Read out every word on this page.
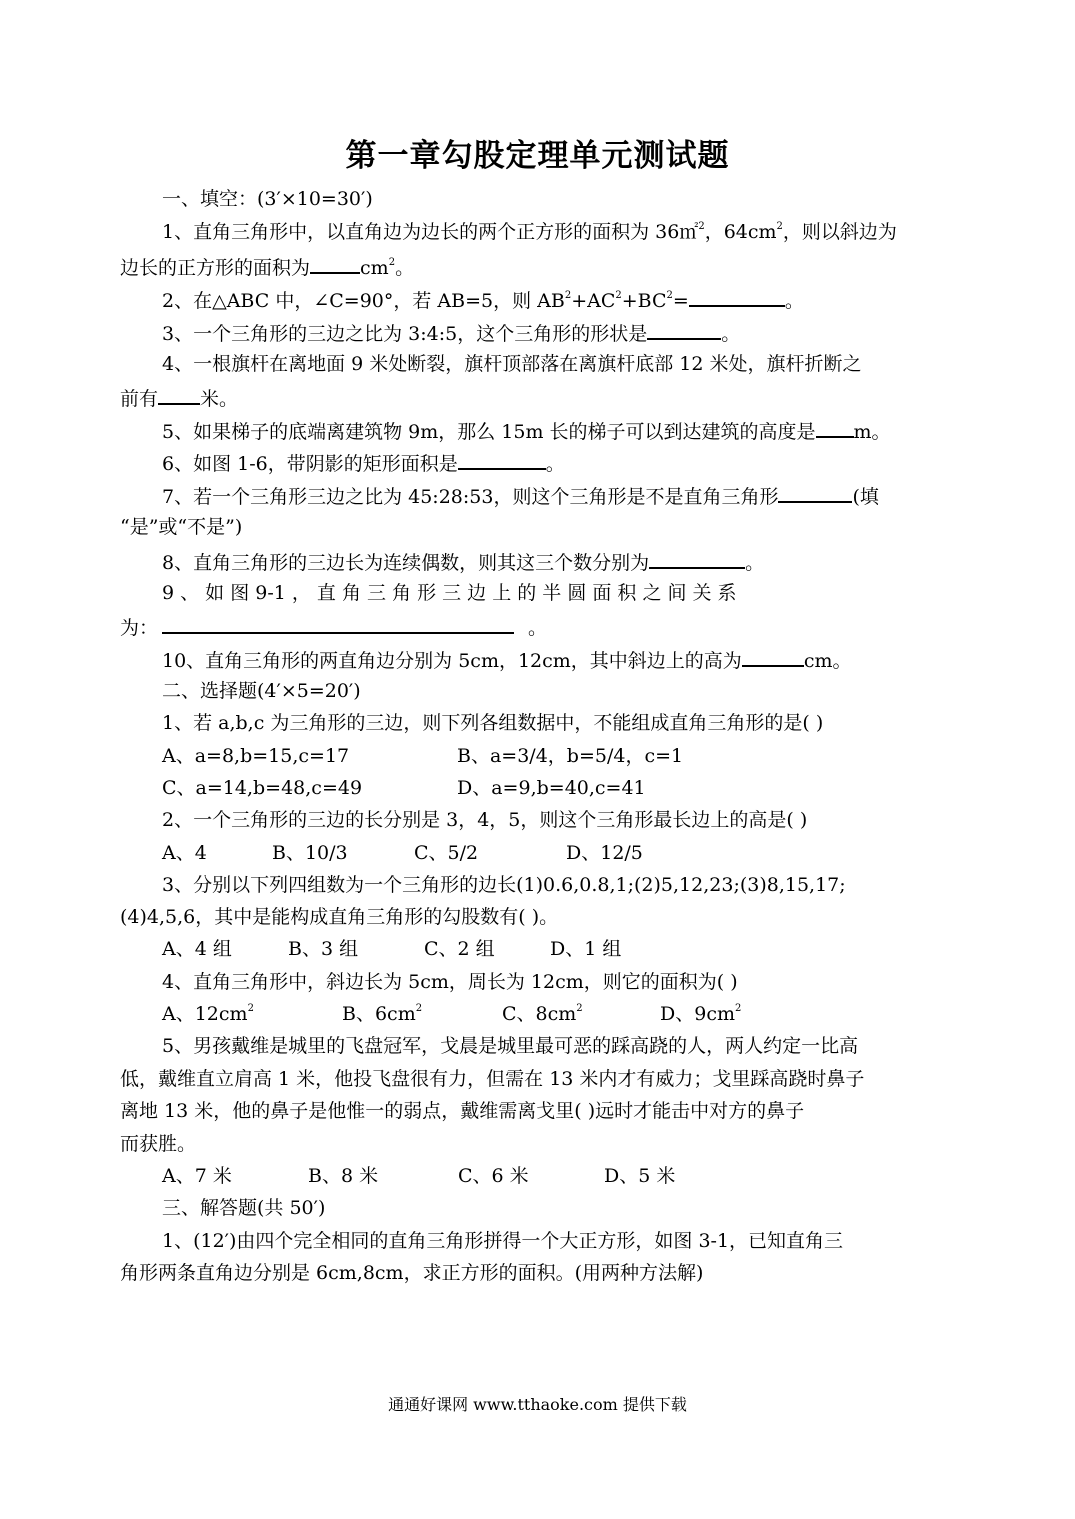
第一章勾股定理单元测试题
一、填空：(3′×10=30′)
1、直角三角形中，以直角边为边长的两个正方形的面积为 36㎡$^2$，$64cm^2$，则以斜边为
边长的正方形的面积为	$cm^2$。
2、在△ABC 中，∠C=90°，若 AB=5，则 $AB^2+AC^2+BC^2=$	。
3、一个三角形的三边之比为 3:4:5，这个三角形的形状是	。
4、一根旗杆在离地面 9 米处断裂，旗杆顶部落在离旗杆底部 12 米处，旗杆折断之
前有 米。
5、如果梯子的底端离建筑物 9m，那么 15m 长的梯子可以到达建筑的高度是 m。
6、如图 1-6，带阴影的矩形面积是	。
7、若一个三角形三边之比为 45:28:53，则这个三角形是不是直角三角形	(填
“是”或“不是”)
8、直角三角形的三边长为连续偶数，则其这三个数分别为	。
9 、 如 图 9-1 ， 直 角 三 角 形 三 边 上 的 半 圆 面 积 之 间 关 系
为：	。
10、直角三角形的两直角边分别为 5cm，12cm，其中斜边上的高为	cm。
二、选择题(4′×5=20′)
1、若 a,b,c 为三角形的三边，则下列各组数据中，不能组成直角三角形的是( )
A、a=8,b=15,c=17	B、a=3/4，b=5/4，c=1
C、a=14,b=48,c=49	D、a=9,b=40,c=41
2、一个三角形的三边的长分别是 3，4，5，则这个三角形最长边上的高是( )
A、4	B、10/3	C、5/2	D、12/5
3、分别以下列四组数为一个三角形的边长(1)0.6,0.8,1;(2)5,12,23;(3)8,15,17;
(4)4,5,6，其中是能构成直角三角形的勾股数有( )。
A、4 组	B、3 组	C、2 组	D、1 组
4、直角三角形中，斜边长为 5cm，周长为 12cm，则它的面积为( )
A、$12cm^2$	B、$6cm^2$	C、$8cm^2$	D、$9cm^2$
5、男孩戴维是城里的飞盘冠军，戈晨是城里最可恶的踩高跷的人，两人约定一比高
低，戴维直立肩高 1 米，他投飞盘很有力，但需在 13 米内才有威力；戈里踩高跷时鼻子
离地 13 米，他的鼻子是他惟一的弱点，戴维需离戈里( )远时才能击中对方的鼻子
而获胜。
A、7 米	B、8 米	C、6 米	D、5 米
三、解答题(共 50′)
1、(12′)由四个完全相同的直角三角形拼得一个大正方形，如图 3-1，已知直角三
角形两条直角边分别是 6cm,8cm，求正方形的面积。(用两种方法解)
通通好课网 www.tthaoke.com 提供下载
